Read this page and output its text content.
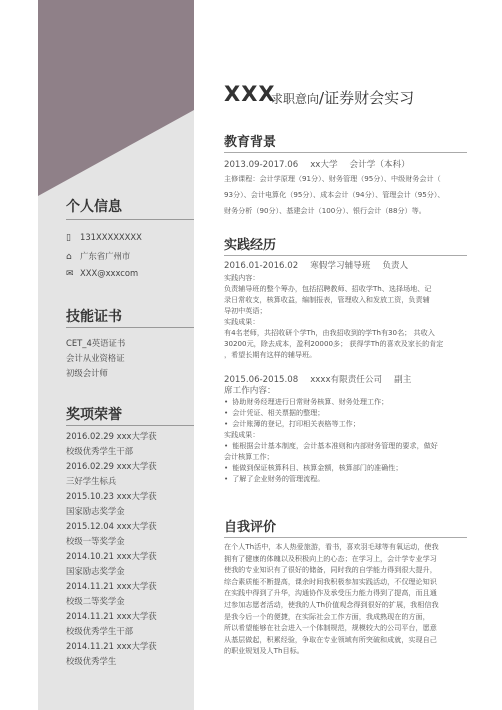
个人信息
▯ 131XXXXXXXX
⌂ 广东省广州市
✉ XXX@xxxcom
技能证书
CET_4英语证书
会计从业资格证
初级会计师
奖项荣誉
2016.02.29 xxx大学获
校级优秀学生干部
2016.02.29 xxx大学获
三好学生标兵
2015.10.23 xxx大学获
国家励志奖学金
2015.12.04 xxx大学获
校级一等奖学金
2014.10.21 xxx大学获
国家励志奖学金
2014.11.21 xxx大学获
校级二等奖学金
2014.11.21 xxx大学获
校级优秀学生干部
2014.11.21 xxx大学获
校级优秀学生
XXX
求职意向/证券财会实习
教育背景
2013.09-2017.06 xx大学 会计学（本科）

主修课程：会计学原理（91分）、财务管理（95分）、中级财务会计（

93分）、会计电算化（95分）、成本会计（94分）、管理会计（95分）、

财务分析（90分）、基建会计（100分）、银行会计（88分）等。

实践经历
2016.01-2016.02 寒假学习辅导班 负责人

实践内容：

负责辅导班的整个筹办，包括招聘教师、招收学Th、选择场地、记

录日常收支，核算收益，编制报表，管理收入和发放工资，负责辅

导初中英语；

实践成果：

有4名老师，共招收研个学Th，由我招收到的学Th有30名； 共收入

30200元，除去成本，盈利20000多； 获得学Th的喜欢及家长的肯定

，希望长期有这样的辅导班。

2015.06-2015.08 xxxx有限责任公司 副主
席工作内容：

• 协助财务经理进行日常财务核算、财务处理工作；

• 会计凭证、相关票据的整理；

• 会计账簿的登记，打印相关表格等工作；

实践成果：

• 能根据会计基本制度，会计基本准则和内部财务管理的要求，做好

会计核算工作；

• 能做到保证核算科目、核算金额，核算部门的准确性；

• 了解了企业财务的管理流程。

自我评价

在个人Th活中，本人热爱旅游，看书，喜欢羽毛球等有氧运动，使我

拥有了健康的体魄以及积极向上的心态；在学习上，会计学专业学习

使我的专业知识有了很好的储备，同时我的自学能力得到很大提升，

综合素质能不断提高，课余时间我积极参加实践活动，不仅理论知识

在实践中得到了升华，沟通协作及承受压力能力得到了提高，而且通

过参加志愿者活动，使我的人Th价值观念得到很好的扩展，我相信我

是我今后一个的便捷，在实际社会工作方面，我成熟现在的方面，

所以希望能够在社会进入一个体制规范，规模较大的公司平台，愿意

从基层做起，积累经验，争取在专业领域有所突破和成就，实现自己

的职业规划及人Th目标。
